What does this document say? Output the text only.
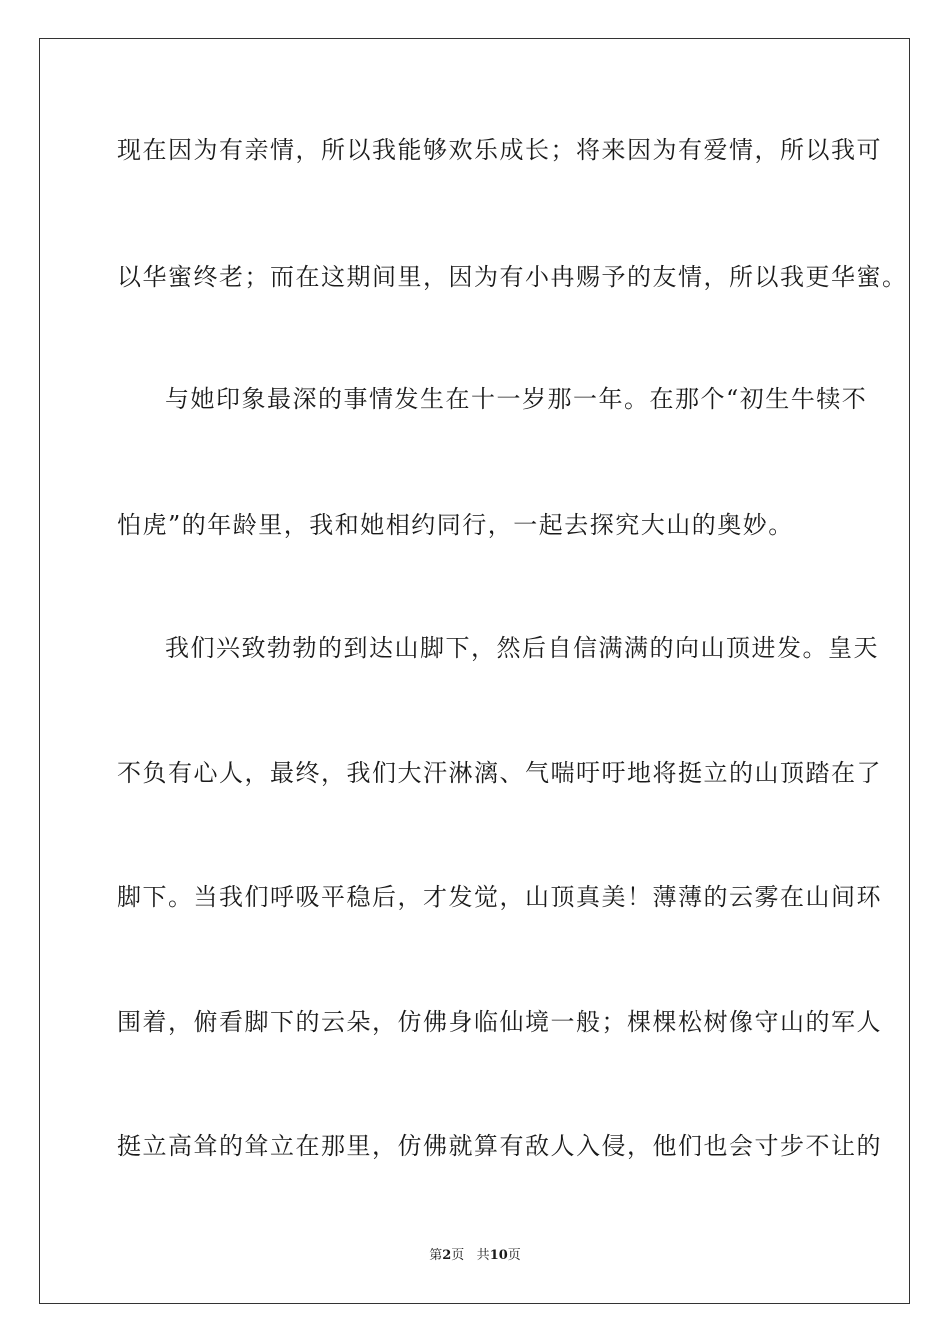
现在因为有亲情，所以我能够欢乐成长；将来因为有爱情，所以我可
以华蜜终老；而在这期间里，因为有小冉赐予的友情，所以我更华蜜。
与她印象最深的事情发生在十一岁那一年。在那个“初生牛犊不
怕虎”的年龄里，我和她相约同行，一起去探究大山的奥妙。
我们兴致勃勃的到达山脚下，然后自信满满的向山顶进发。皇天
不负有心人，最终，我们大汗淋漓、气喘吁吁地将挺立的山顶踏在了
脚下。当我们呼吸平稳后，才发觉，山顶真美！薄薄的云雾在山间环
围着，俯看脚下的云朵，仿佛身临仙境一般；棵棵松树像守山的军人
挺立高耸的耸立在那里，仿佛就算有敌人入侵，他们也会寸步不让的
第2页 共10页
